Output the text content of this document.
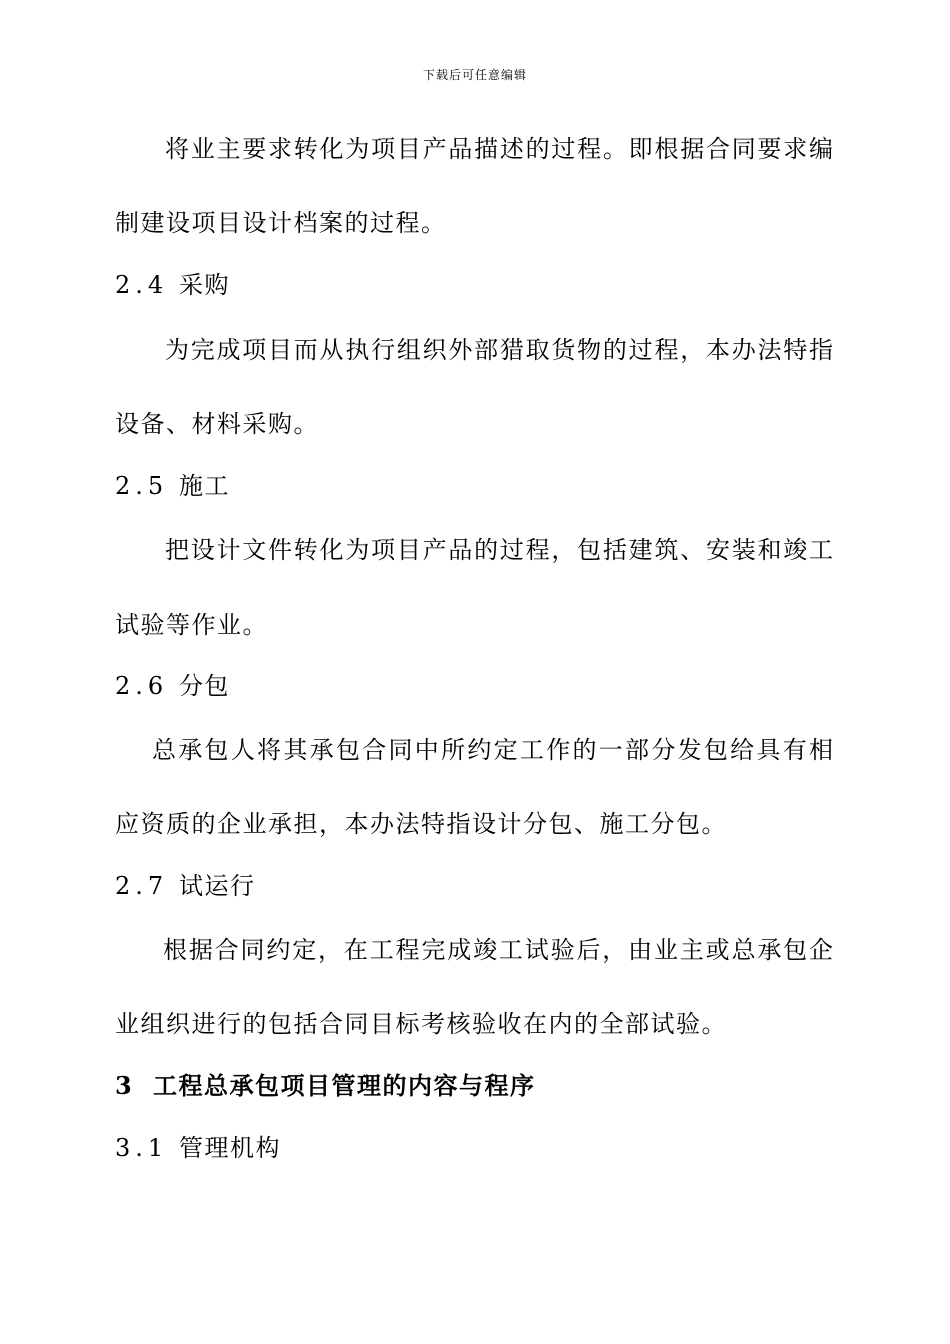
下载后可任意编辑
将业主要求转化为项目产品描述的过程。即根据合同要求编
制建设项目设计档案的过程。
2.4 采购
为完成项目而从执行组织外部猎取货物的过程，本办法特指
设备、材料采购。
2.5 施工
把设计文件转化为项目产品的过程，包括建筑、安装和竣工
试验等作业。
2.6 分包
总承包人将其承包合同中所约定工作的一部分发包给具有相
应资质的企业承担，本办法特指设计分包、施工分包。
2.7 试运行
根据合同约定，在工程完成竣工试验后，由业主或总承包企
业组织进行的包括合同目标考核验收在内的全部试验。
3 工程总承包项目管理的内容与程序
3.1 管理机构
